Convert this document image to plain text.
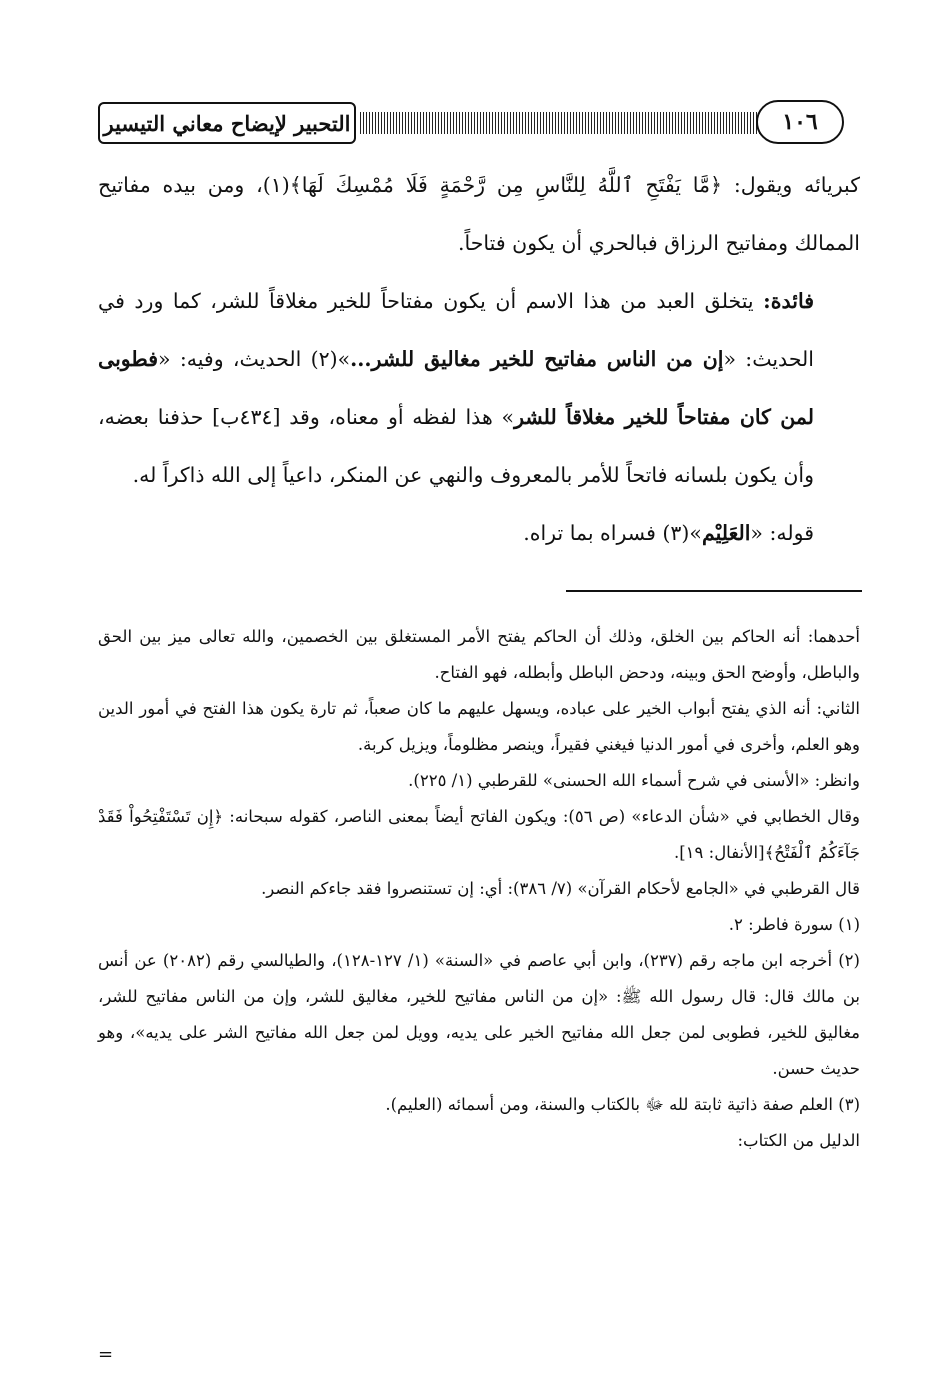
التحبير لإيضاح معاني التيسير	١٠٦

كبريائه ويقول: ﴿مَّا يَفْتَحِ ٱللَّهُ لِلنَّاسِ مِن رَّحْمَةٍ فَلَا مُمْسِكَ لَهَا﴾(١)، ومن بيده مفاتيح الممالك ومفاتيح الرزاق فبالحري أن يكون فتاحاً.

فائدة: يتخلق العبد من هذا الاسم أن يكون مفتاحاً للخير مغلاقاً للشر، كما ورد في الحديث: «إن من الناس مفاتيح للخير مغاليق للشر...»(٢) الحديث، وفيه: «فطوبى لمن كان مفتاحاً للخير مغلاقاً للشر» هذا لفظه أو معناه، وقد [٤٣٤ب] حذفنا بعضه، وأن يكون بلسانه فاتحاً للأمر بالمعروف والنهي عن المنكر، داعياً إلى الله ذاكراً له.

قوله: «العَلِيْم»(٣) فسراه بما تراه.

أحدهما: أنه الحاكم بين الخلق، وذلك أن الحاكم يفتح الأمر المستغلق بين الخصمين، والله تعالى ميز بين الحق والباطل، وأوضح الحق وبينه، ودحض الباطل وأبطله، فهو الفتاح.

الثاني: أنه الذي يفتح أبواب الخير على عباده، ويسهل عليهم ما كان صعباً، ثم تارة يكون هذا الفتح في أمور الدين وهو العلم، وأخرى في أمور الدنيا فيغني فقيراً، وينصر مظلوماً، ويزيل كربة.

وانظر: «الأسنى في شرح أسماء الله الحسنى» للقرطبي (١/ ٢٢٥).

وقال الخطابي في «شأن الدعاء» (ص ٥٦): ويكون الفاتح أيضاً بمعنى الناصر، كقوله سبحانه: ﴿إِن تَسْتَفْتِحُواْ فَقَدْ جَآءَكُمُ ٱلْفَتْحُ﴾[الأنفال: ١٩].

قال القرطبي في «الجامع لأحكام القرآن» (٧/ ٣٨٦): أي: إن تستنصروا فقد جاءكم النصر.

(١) سورة فاطر: ٢.

(٢) أخرجه ابن ماجه رقم (٢٣٧)، وابن أبي عاصم في «السنة» (١/ ١٢٧-١٢٨)، والطيالسي رقم (٢٠٨٢) عن أنس بن مالك قال: قال رسول الله ﷺ: «إن من الناس مفاتيح للخير، مغاليق للشر، وإن من الناس مفاتيح للشر، مغاليق للخير، فطوبى لمن جعل الله مفاتيح الخير على يديه، وويل لمن جعل الله مفاتيح الشر على يديه»، وهو حديث حسن.

(٣) العلم صفة ذاتية ثابتة لله ﷻ بالكتاب والسنة، ومن أسمائه (العليم).

الدليل من الكتاب:

=
